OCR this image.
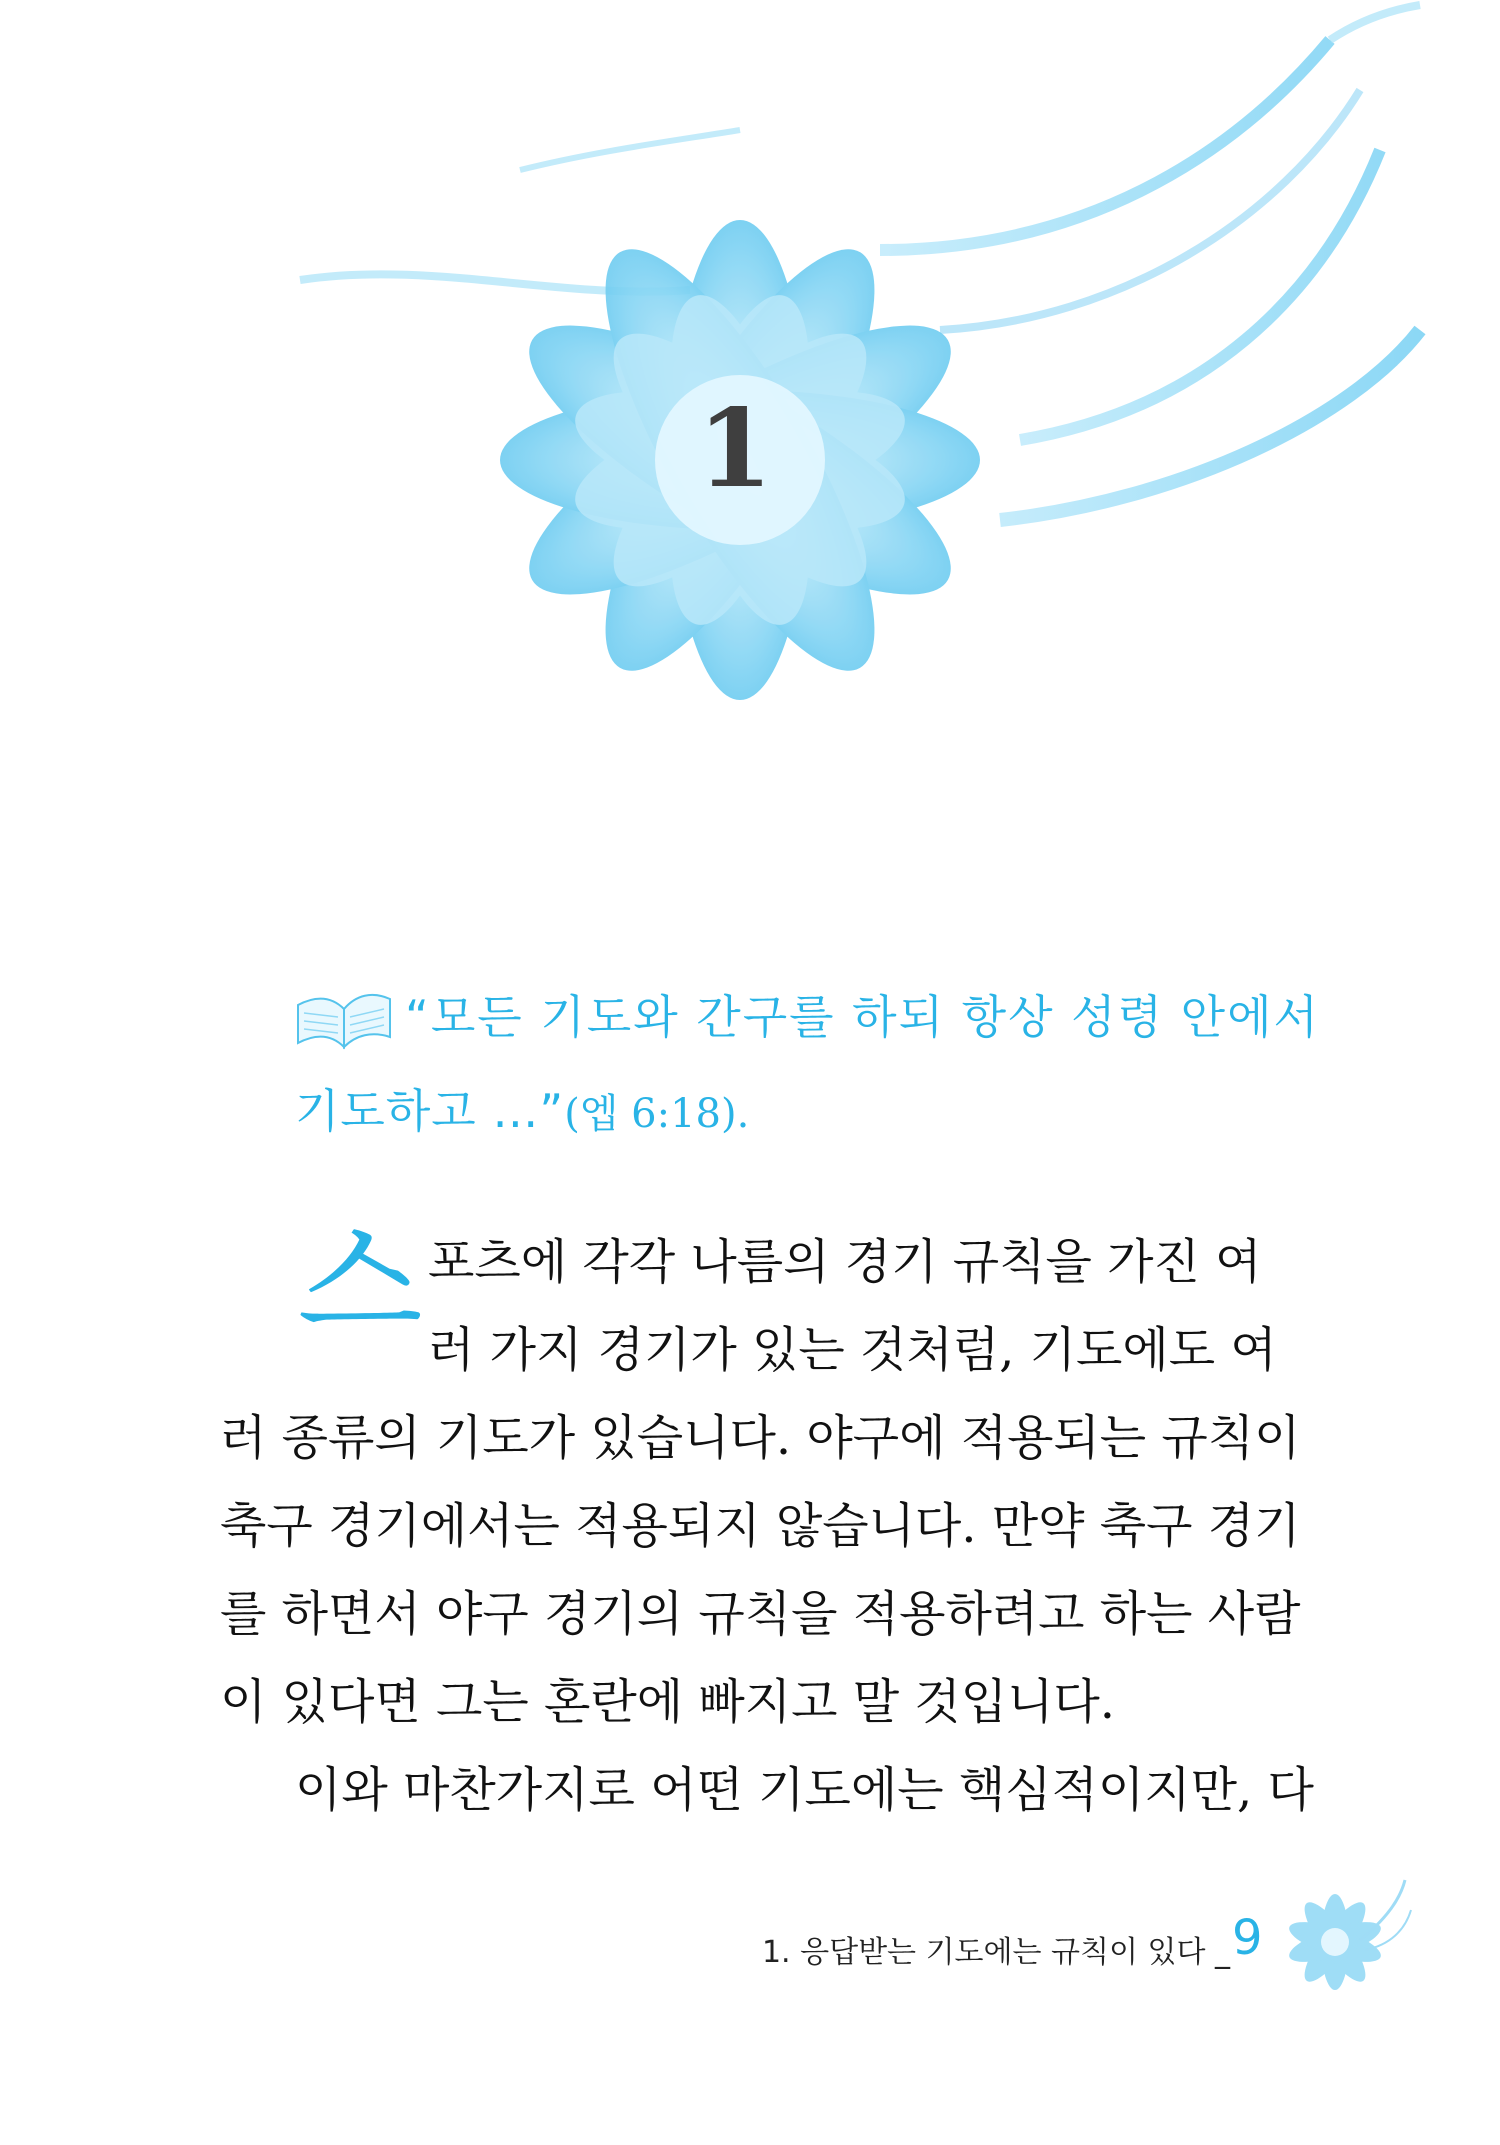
1
“모든 기도와 간구를 하되 항상 성령 안에서
기도하고 …”(엡 6:18).
스 포츠에 각각 나름의 경기 규칙을 가진 여
러 가지 경기가 있는 것처럼, 기도에도 여
러 종류의 기도가 있습니다. 야구에 적용되는 규칙이
축구 경기에서는 적용되지 않습니다. 만약 축구 경기
를 하면서 야구 경기의 규칙을 적용하려고 하는 사람
이 있다면 그는 혼란에 빠지고 말 것입니다.
이와 마찬가지로 어떤 기도에는 핵심적이지만, 다
1. 응답받는 기도에는 규칙이 있다 _ 9
